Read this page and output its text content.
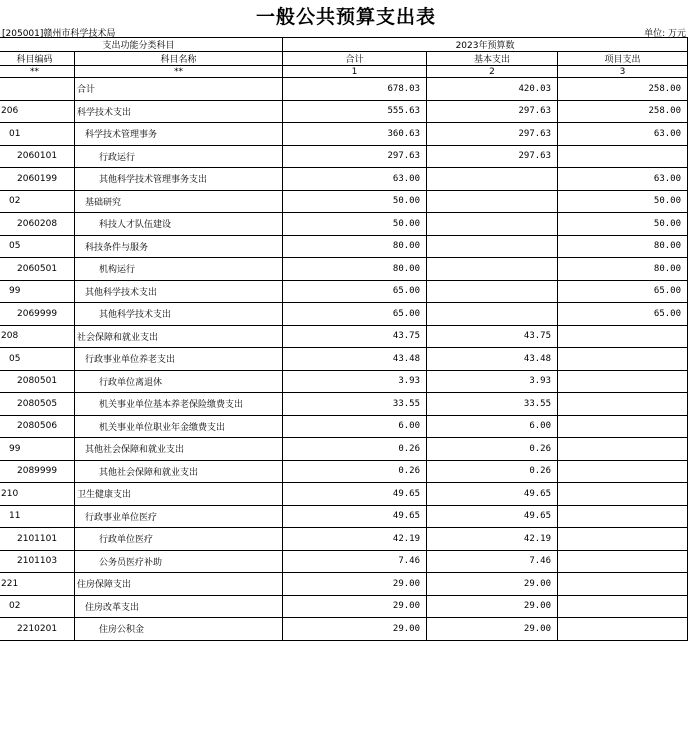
一般公共预算支出表
[205001]赣州市科学技术局	单位: 万元
支出功能分类科目		2023年预算数		
科目编码	科目名称	合计	基本支出	项目支出
**	**	1	2	3
	合计	678.03	420.03	258.00
206	科学技术支出	555.63	297.63	258.00
01	科学技术管理事务	360.63	297.63	63.00
2060101	行政运行	297.63	297.63	
2060199	其他科学技术管理事务支出	63.00		63.00
02	基础研究	50.00		50.00
2060208	科技人才队伍建设	50.00		50.00
05	科技条件与服务	80.00		80.00
2060501	机构运行	80.00		80.00
99	其他科学技术支出	65.00		65.00
2069999	其他科学技术支出	65.00		65.00
208	社会保障和就业支出	43.75	43.75	
05	行政事业单位养老支出	43.48	43.48	
2080501	行政单位离退休	3.93	3.93	
2080505	机关事业单位基本养老保险缴费支出	33.55	33.55	
2080506	机关事业单位职业年金缴费支出	6.00	6.00	
99	其他社会保障和就业支出	0.26	0.26	
2089999	其他社会保障和就业支出	0.26	0.26	
210	卫生健康支出	49.65	49.65	
11	行政事业单位医疗	49.65	49.65	
2101101	行政单位医疗	42.19	42.19	
2101103	公务员医疗补助	7.46	7.46	
221	住房保障支出	29.00	29.00	
02	住房改革支出	29.00	29.00	
2210201	住房公积金	29.00	29.00	
